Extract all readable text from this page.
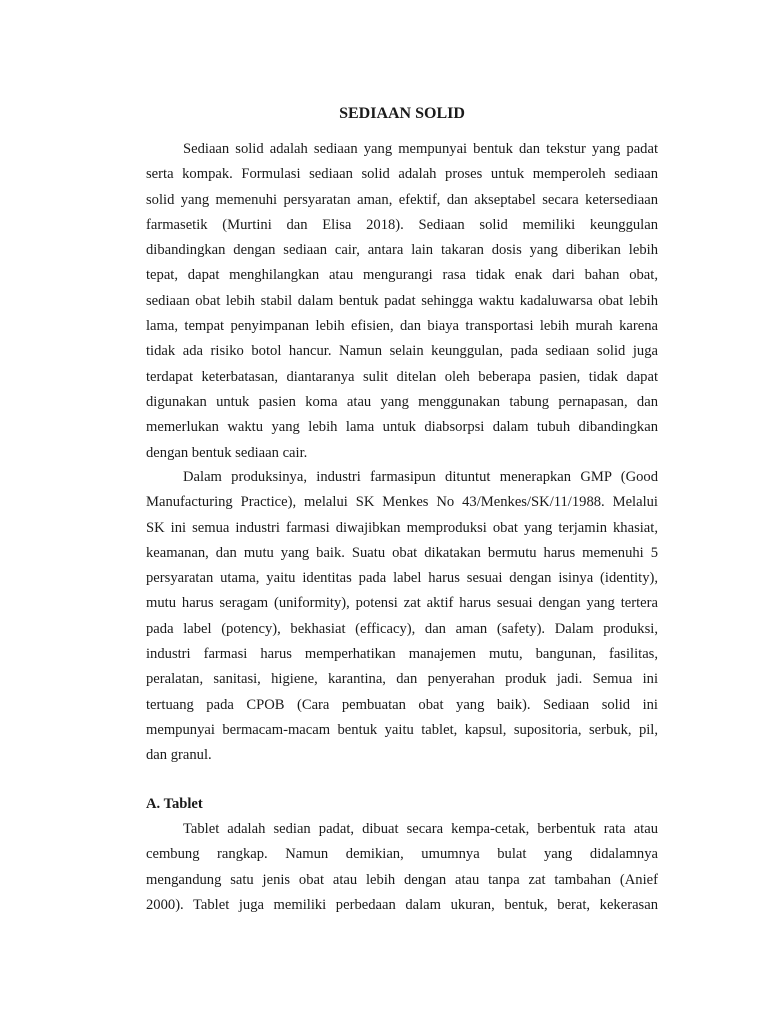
SEDIAAN SOLID
Sediaan solid adalah sediaan yang mempunyai bentuk dan tekstur yang padat
serta kompak. Formulasi sediaan solid adalah proses untuk memperoleh sediaan
solid yang memenuhi persyaratan aman, efektif, dan akseptabel secara ketersediaan
farmasetik (Murtini dan Elisa 2018). Sediaan solid memiliki keunggulan
dibandingkan dengan sediaan cair, antara lain takaran dosis yang diberikan lebih
tepat, dapat menghilangkan atau mengurangi rasa tidak enak dari bahan obat,
sediaan obat lebih stabil dalam bentuk padat sehingga waktu kadaluwarsa obat lebih
lama, tempat penyimpanan lebih efisien, dan biaya transportasi lebih murah karena
tidak ada risiko botol hancur. Namun selain keunggulan, pada sediaan solid juga
terdapat keterbatasan, diantaranya sulit ditelan oleh beberapa pasien, tidak dapat
digunakan untuk pasien koma atau yang menggunakan tabung pernapasan, dan
memerlukan waktu yang lebih lama untuk diabsorpsi dalam tubuh dibandingkan
dengan bentuk sediaan cair.
Dalam produksinya, industri farmasipun dituntut menerapkan GMP (Good
Manufacturing Practice), melalui SK Menkes No 43/Menkes/SK/11/1988. Melalui
SK ini semua industri farmasi diwajibkan memproduksi obat yang terjamin khasiat,
keamanan, dan mutu yang baik. Suatu obat dikatakan bermutu harus memenuhi 5
persyaratan utama, yaitu identitas pada label harus sesuai dengan isinya (identity),
mutu harus seragam (uniformity), potensi zat aktif harus sesuai dengan yang tertera
pada label (potency), bekhasiat (efficacy), dan aman (safety). Dalam produksi,
industri farmasi harus memperhatikan manajemen mutu, bangunan, fasilitas,
peralatan, sanitasi, higiene, karantina, dan penyerahan produk jadi. Semua ini
tertuang pada CPOB (Cara pembuatan obat yang baik). Sediaan solid ini
mempunyai bermacam-macam bentuk yaitu tablet, kapsul, supositoria, serbuk, pil,
dan granul.
A. Tablet
Tablet adalah sedian padat, dibuat secara kempa-cetak, berbentuk rata atau
cembung rangkap. Namun demikian, umumnya bulat yang didalamnya
mengandung satu jenis obat atau lebih dengan atau tanpa zat tambahan (Anief
2000). Tablet juga memiliki perbedaan dalam ukuran, bentuk, berat, kekerasan
